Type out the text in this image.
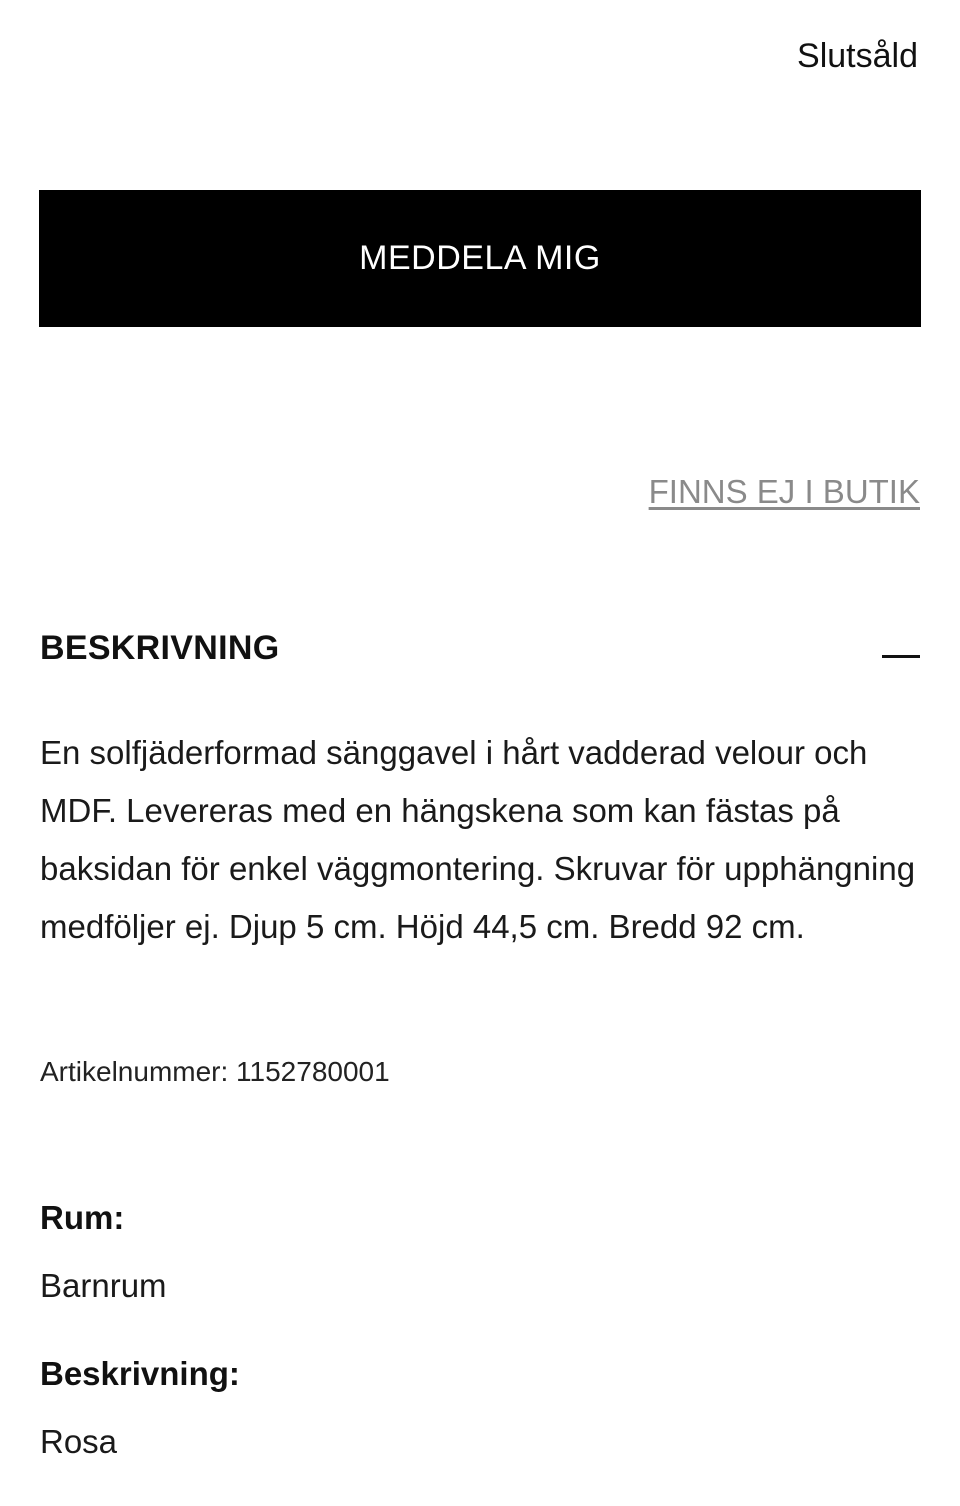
Slutsåld
MEDDELA MIG
FINNS EJ I BUTIK
BESKRIVNING

En solfjäderformad sänggavel i hårt vadderad velour och MDF. Levereras med en hängskena som kan fästas på baksidan för enkel väggmontering. Skruvar för upphängning medföljer ej. Djup 5 cm. Höjd 44,5 cm. Bredd 92 cm.

Artikelnummer: 1152780001
Rum:
Barnrum
Beskrivning:
Rosa
